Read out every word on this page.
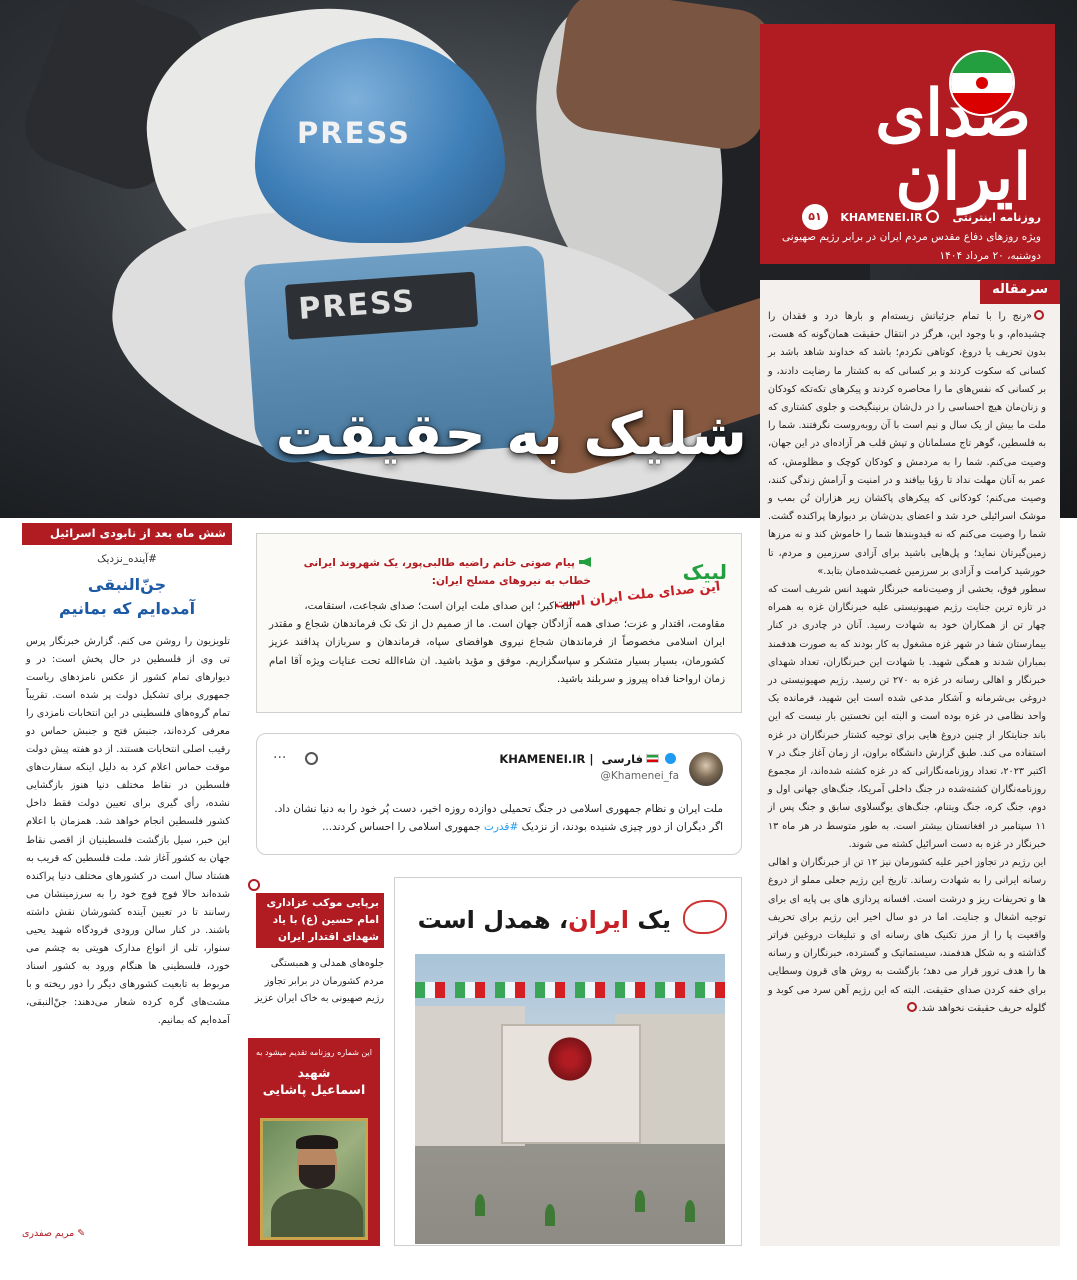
PRESS
PRESS
شلیک به حقیقت
صدای ایران
۵۱	روزنامه اینترنتی KHAMENEI.IR
ویژه روزهای دفاع مقدس مردم ایران در برابر رژیم صهیونی
دوشنبه، ۲۰ مرداد ۱۴۰۴
سرمقاله

«رنج را با تمام جزئیاتش زیسته‌ام و بارها درد و فقدان را چشیده‌ام، و با وجود این، هرگز در انتقال حقیقت همان‌گونه که هست، بدون تحریف یا دروغ، کوتاهی نکردم؛ باشد که خداوند شاهد باشد بر کسانی که سکوت کردند و بر کسانی که به کشتار ما رضایت دادند، و بر کسانی که نفس‌های ما را محاصره کردند و پیکرهای تکه‌تکه کودکان و زنان‌مان هیچ احساسی را در دل‌شان برنینگیخت و جلوی کشتاری که ملت ما بیش از یک سال و نیم است با آن روبه‌روست نگرفتند. شما را به فلسطین، گوهر تاج مسلمانان و تپش قلب هر آزاده‌ای در این جهان، وصیت می‌کنم. شما را به مردمش و کودکان کوچک و مظلومش، که عمر به آنان مهلت نداد تا رؤیا بیافند و در امنیت و آرامش زندگی کنند، وصیت می‌کنم؛ کودکانی که پیکرهای پاکشان زیر هزاران تُن بمب و موشک اسرائیلی خرد شد و اعضای بدن‌شان بر دیوارها پراکنده گشت. شما را وصیت می‌کنم که نه قیدوبندها شما را خاموش کند و نه مرزها زمین‌گیرتان نماید؛ و پل‌هایی باشید برای آزادی سرزمین و مردم، تا خورشید کرامت و آزادی بر سرزمین غصب‌شده‌مان بتابد.»

سطور فوق، بخشی از وصیت‌نامه خبرنگار شهید انس شریف است که در تازه ترین جنایت رژیم صهیونیستی علیه خبرنگاران غزه به همراه چهار تن از همکاران خود به شهادت رسید. آنان در چادری در کنار بیمارستان شفا در شهر غزه مشغول به کار بودند که به صورت هدفمند بمباران شدند و همگی شهید. با شهادت این خبرنگاران، تعداد شهدای خبرنگار و اهالی رسانه در غزه به ۲۷۰ تن رسید. رژیم صهیونیستی در دروغی بی‌شرمانه و آشکار مدعی شده است این شهید، فرمانده یک واحد نظامی در غزه بوده است و البته این نخستین بار نیست که این باند جنایتکار از چنین دروغ هایی برای توجیه کشتار خبرنگاران در غزه استفاده می کند. طبق گزارش دانشگاه براون، از زمان آغاز جنگ در ۷ اکتبر ۲۰۲۳، تعداد روزنامه‌نگارانی که در غزه کشته شده‌اند، از مجموع روزنامه‌نگاران کشته‌شده در جنگ داخلی آمریکا، جنگ‌های جهانی اول و دوم، جنگ کره، جنگ ویتنام، جنگ‌های یوگسلاوی سابق و جنگ پس از ۱۱ سپتامبر در افغانستان بیشتر است. به طور متوسط در هر ماه ۱۳ خبرنگار در غزه به دست اسرائیل کشته می شوند.

این رژیم در تجاوز اخیر علیه کشورمان نیز ۱۲ تن از خبرنگاران و اهالی رسانه ایرانی را به شهادت رساند. تاریخ این رژیم جعلی مملو از دروغ ها و تحریفات ریز و درشت است. افسانه پردازی های بی پایه ای برای توجیه اشغال و جنایت. اما در دو سال اخیر این رژیم برای تحریف واقعیت پا را از مرز تکنیک های رسانه ای و تبلیغات دروغین فراتر گذاشته و به شکل هدفمند، سیستماتیک و گسترده، خبرنگاران و رسانه ها را هدف ترور قرار می دهد؛ بازگشت به روش های قرون وسطایی برای خفه کردن صدای حقیقت. البته که این رژیم آهن سرد می کوبد و گلوله حریف حقیقت نخواهد شد.

شش ماه بعد از نابودی اسرائیل
#آینده_نزدیک
جنّ‌النبقی
آمده‌ایم که بمانیم
تلویزیون را روشن می کنم. گزارش خبرنگار پرس تی وی از فلسطین در حال پخش است: در و دیوارهای تمام کشور از عکس نامزدهای ریاست جمهوری برای تشکیل دولت پر شده است. تقریباً تمام گروه‌های فلسطینی در این انتخابات نامزدی را معرفی کرده‌اند، جنبش فتح و جنبش حماس دو رقیب اصلی انتخابات هستند. از دو هفته پیش دولت موقت حماس اعلام کرد به دلیل اینکه سفارت‌های فلسطین در نقاط مختلف دنیا هنوز بازگشایی نشده، رأی گیری برای تعیین دولت فقط داخل کشور فلسطین انجام خواهد شد. همزمان با اعلام این خبر، سیل بازگشت فلسطینیان از اقصی نقاط جهان به کشور آغاز شد. ملت فلسطین که قریب به هشتاد سال است در کشورهای مختلف دنیا پراکنده شده‌اند حالا فوج فوج خود را به سرزمینشان می رسانند تا در تعیین آینده کشورشان نقش داشته باشند. در کنار سالن ورودی فرودگاه شهید یحیی سنوار، تلی از انواع مدارک هویتی به چشم می خورد، فلسطینی ها هنگام ورود به کشور اسناد مربوط به تابعیت کشورهای دیگر را دور ریخته و با مشت‌های گره کرده شعار می‌دهند: جنّ‌النبقی، آمده‌ایم که بمانیم.
✎ مریم صفدری
لبیک
این صدای ملت ایران است
پیام صوتی خانم راضیه طالبی‌پور، یک شهروند ایرانی خطاب به نیروهای مسلح ایران:
الله اکبر؛ این صدای ملت ایران است؛ صدای شجاعت، استقامت،
مقاومت، اقتدار و عزت؛ صدای همه آزادگان جهان است. ما از صمیم دل از تک تک فرماندهان شجاع و مقتدر ایران اسلامی مخصوصاً از فرماندهان شجاع نیروی هوافضای سپاه، فرماندهان و سربازان پدافند عزیز کشورمان، بسیار بسیار متشکر و سپاسگزاریم. موفق و مؤید باشید. ان شاءالله تحت عنایات ویژه آقا امام زمان ارواحنا فداه پیروز و سربلند باشید.
KHAMENEI.IR | فارسی
@Khamenei_fa
···
ملت ایران و نظام جمهوری اسلامی در جنگ تحمیلی دوازده روزه اخیر، دست پُر خود را به دنیا نشان داد.
اگر دیگران از دور چیزی شنیده بودند، از نزدیک #قدرت جمهوری اسلامی را احساس کردند...
برپایی موکب عزاداری امام حسین (ع) با یاد شهدای اقتدار ایران
جلوه‌های همدلی و همبستگی مردم کشورمان در برابر تجاوز رژیم صهیونی به خاک ایران عزیز
این شماره روزنامه تقدیم میشود به
شهید
اسماعیل پاشایی
یک ایران، همدل است
